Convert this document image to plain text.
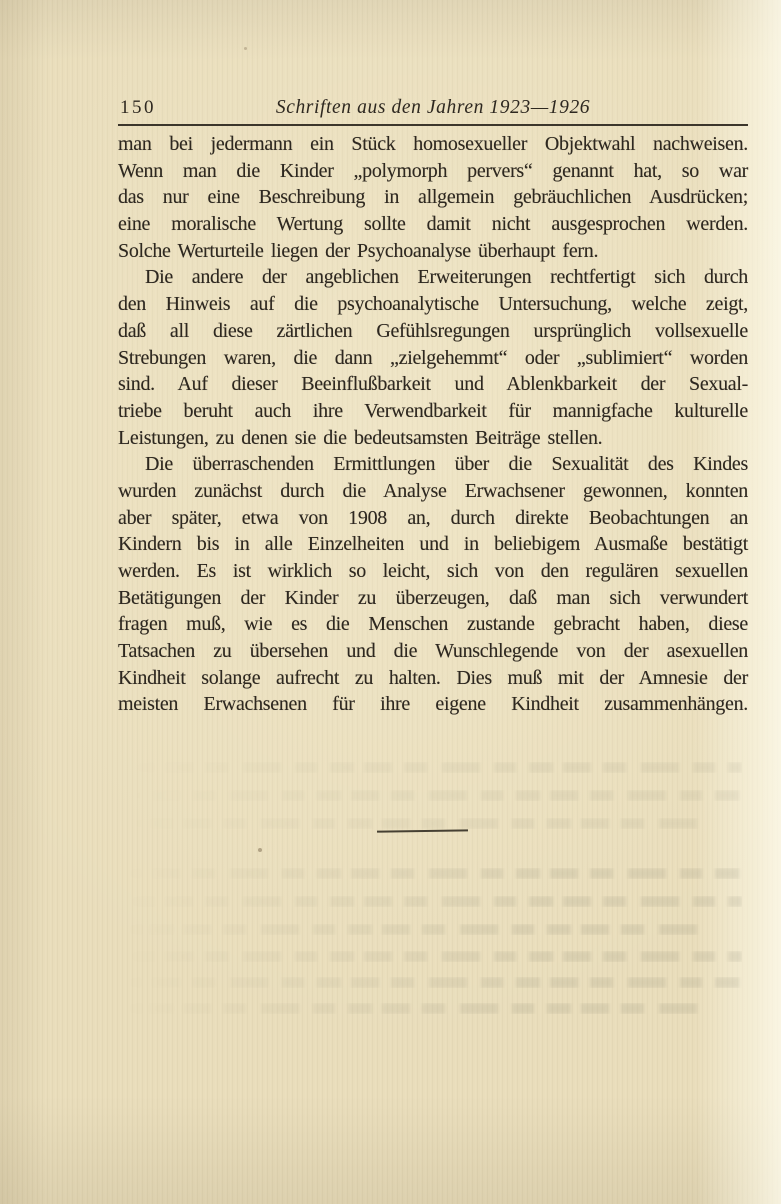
150	Schriften aus den Jahren 1923—1926
man bei jedermann ein Stück homosexueller Objektwahl nachweisen.
Wenn man die Kinder „polymorph pervers“ genannt hat, so war
das nur eine Beschreibung in allgemein gebräuchlichen Ausdrücken;
eine moralische Wertung sollte damit nicht ausgesprochen werden.
Solche Werturteile liegen der Psychoanalyse überhaupt fern.
Die andere der angeblichen Erweiterungen rechtfertigt sich durch
den Hinweis auf die psychoanalytische Untersuchung, welche zeigt,
daß all diese zärtlichen Gefühlsregungen ursprünglich vollsexuelle
Strebungen waren, die dann „zielgehemmt“ oder „sublimiert“ worden
sind. Auf dieser Beeinflußbarkeit und Ablenkbarkeit der Sexual-
triebe beruht auch ihre Verwendbarkeit für mannigfache kulturelle
Leistungen, zu denen sie die bedeutsamsten Beiträge stellen.
Die überraschenden Ermittlungen über die Sexualität des Kindes
wurden zunächst durch die Analyse Erwachsener gewonnen, konnten
aber später, etwa von 1908 an, durch direkte Beobachtungen an
Kindern bis in alle Einzelheiten und in beliebigem Ausmaße bestätigt
werden. Es ist wirklich so leicht, sich von den regulären sexuellen
Betätigungen der Kinder zu überzeugen, daß man sich verwundert
fragen muß, wie es die Menschen zustande gebracht haben, diese
Tatsachen zu übersehen und die Wunschlegende von der asexuellen
Kindheit solange aufrecht zu halten. Dies muß mit der Amnesie der
meisten Erwachsenen für ihre eigene Kindheit zusammenhängen.
